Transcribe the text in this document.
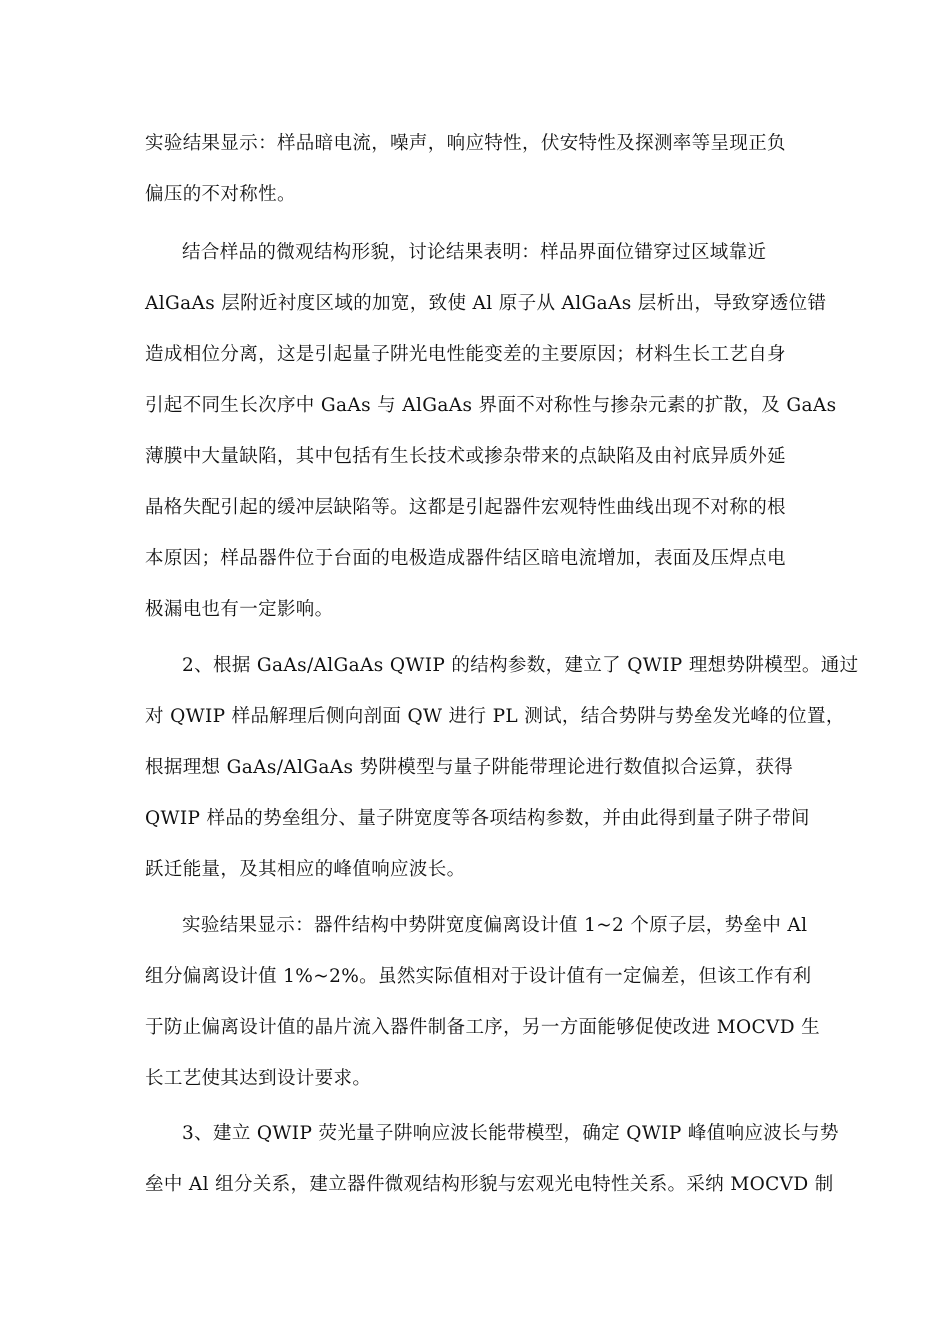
实验结果显示：样品暗电流，噪声，响应特性，伏安特性及探测率等呈现正负
偏压的不对称性。
结合样品的微观结构形貌，讨论结果表明：样品界面位错穿过区域靠近
AlGaAs 层附近衬度区域的加宽，致使 Al 原子从 AlGaAs 层析出，导致穿透位错
造成相位分离，这是引起量子阱光电性能变差的主要原因；材料生长工艺自身
引起不同生长次序中 GaAs 与 AlGaAs 界面不对称性与掺杂元素的扩散，及 GaAs
薄膜中大量缺陷，其中包括有生长技术或掺杂带来的点缺陷及由衬底异质外延
晶格失配引起的缓冲层缺陷等。这都是引起器件宏观特性曲线出现不对称的根
本原因；样品器件位于台面的电极造成器件结区暗电流增加，表面及压焊点电
极漏电也有一定影响。
2、根据 GaAs/AlGaAs QWIP 的结构参数，建立了 QWIP 理想势阱模型。通过
对 QWIP 样品解理后侧向剖面 QW 进行 PL 测试，结合势阱与势垒发光峰的位置，
根据理想 GaAs/AlGaAs 势阱模型与量子阱能带理论进行数值拟合运算，获得
QWIP 样品的势垒组分、量子阱宽度等各项结构参数，并由此得到量子阱子带间
跃迁能量，及其相应的峰值响应波长。
实验结果显示：器件结构中势阱宽度偏离设计值 1~2 个原子层，势垒中 Al
组分偏离设计值 1%~2%。虽然实际值相对于设计值有一定偏差，但该工作有利
于防止偏离设计值的晶片流入器件制备工序，另一方面能够促使改进 MOCVD 生
长工艺使其达到设计要求。
3、建立 QWIP 荧光量子阱响应波长能带模型，确定 QWIP 峰值响应波长与势
垒中 Al 组分关系，建立器件微观结构形貌与宏观光电特性关系。采纳 MOCVD 制
